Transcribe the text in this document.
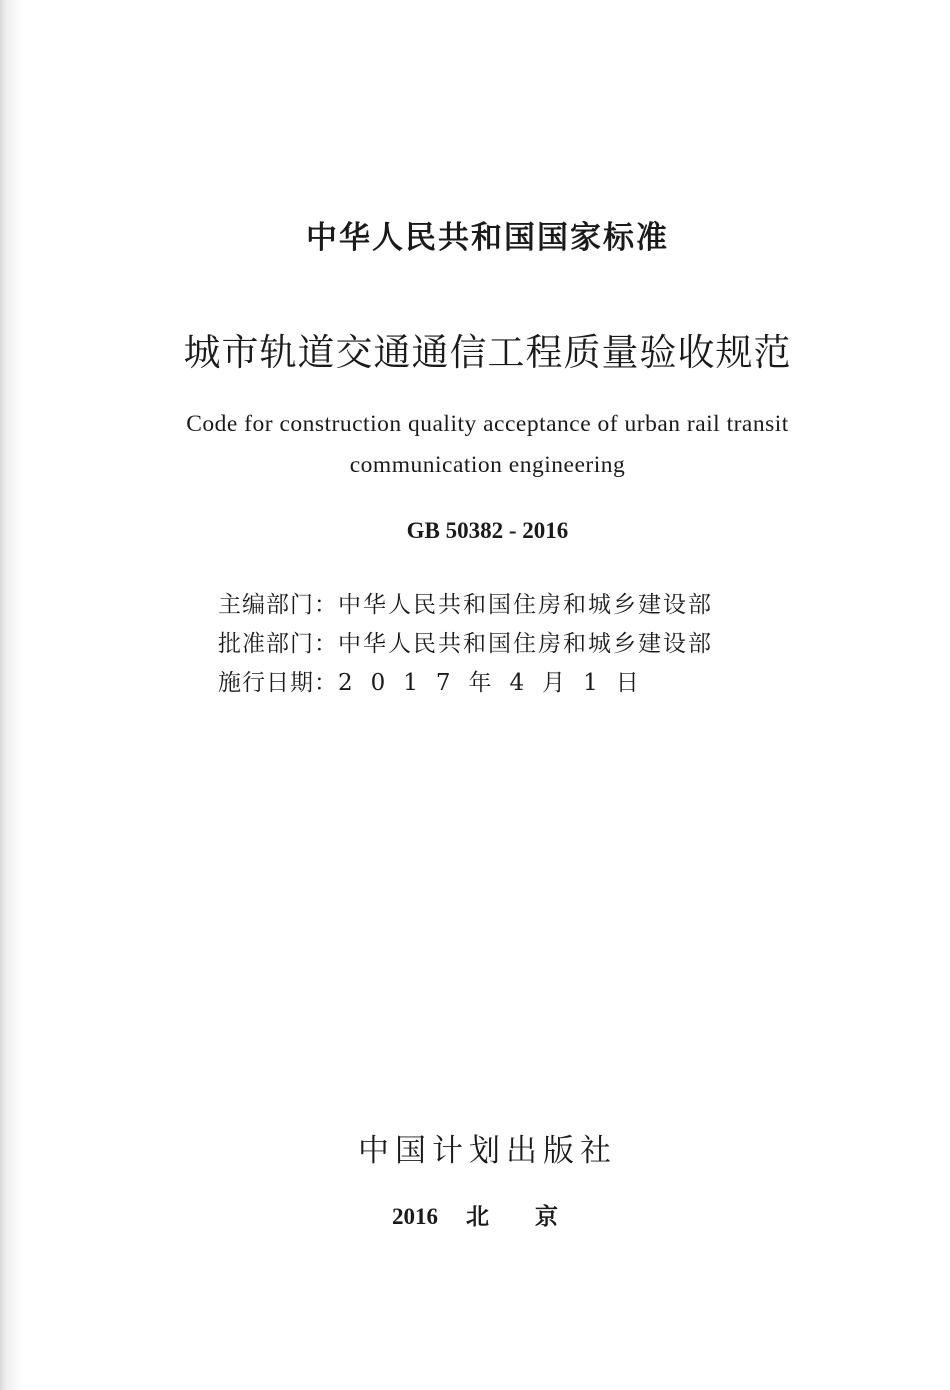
中华人民共和国国家标准
城市轨道交通通信工程质量验收规范
Code for construction quality acceptance of urban rail transit
communication engineering
GB 50382 - 2016
主编部门：中华人民共和国住房和城乡建设部
批准部门：中华人民共和国住房和城乡建设部
施行日期：2017年4月1日
中国计划出版社
2016 北 京
